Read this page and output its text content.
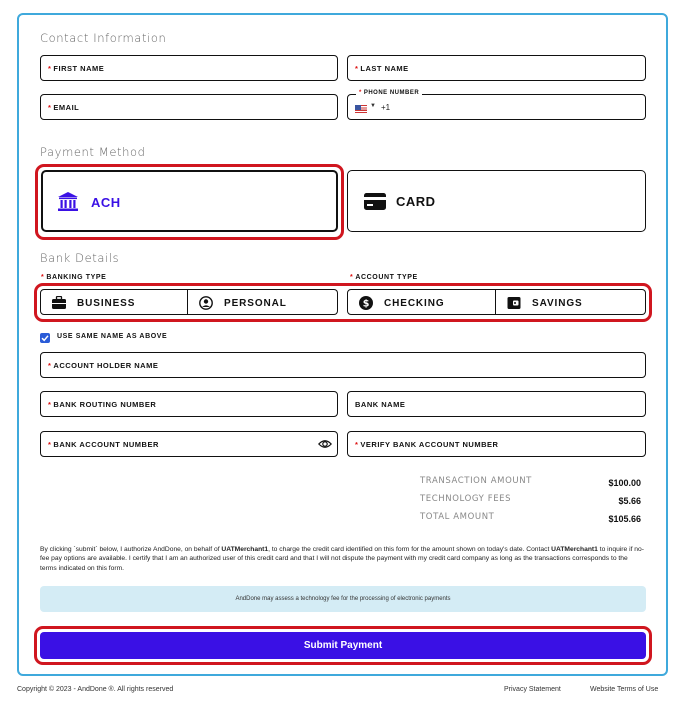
Contact Information
* FIRST NAME	* LAST NAME
* EMAIL
* PHONE NUMBER
▼ +1
Payment Method
ACH	CARD
Bank Details
* BANKING TYPE	* ACCOUNT TYPE
BUSINESS	PERSONAL	$ CHECKING	SAVINGS
USE SAME NAME AS ABOVE
* ACCOUNT HOLDER NAME
* BANK ROUTING NUMBER	BANK NAME
* BANK ACCOUNT NUMBER	* VERIFY BANK ACCOUNT NUMBER
TRANSACTION AMOUNT	$100.00
TECHNOLOGY FEES	$5.66
TOTAL AMOUNT	$105.66
By clicking `submit` below, I authorize AndDone, on behalf of UATMerchant1, to charge the credit card identified on this form for the amount shown on today's date. Contact UATMerchant1 to inquire if no-fee pay options are available. I certify that I am an authorized user of this credit card and that I will not dispute the payment with my credit card company as long as the transactions corresponds to the terms indicated on this form.
AndDone may assess a technology fee for the processing of electronic payments
Submit Payment
Copyright © 2023 - AndDone ®. All rights reserved	Privacy Statement	Website Terms of Use
